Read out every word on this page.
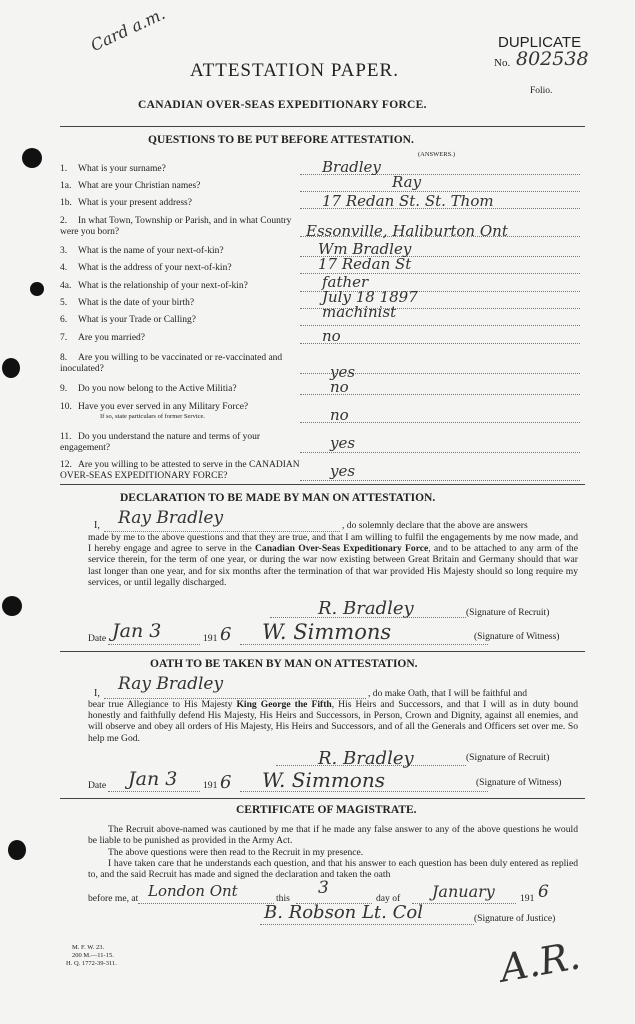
Card a.m.	DUPLICATE
No. 802538
Folio.
ATTESTATION PAPER.
CANADIAN OVER-SEAS EXPEDITIONARY FORCE.
QUESTIONS TO BE PUT BEFORE ATTESTATION.
(ANSWERS.)
1. What is your surname?	Bradley
1a. What are your Christian names?	Ray
1b. What is your present address?	17 Redan St. St. Thom
2. In what Town, Township or Parish, and in what Country were you born?	Essonville, Haliburton Ont
3. What is the name of your next-of-kin?	Wm Bradley
4. What is the address of your next-of-kin?	17 Redan St
4a. What is the relationship of your next-of-kin?	father
5. What is the date of your birth?	July 18 1897
6. What is your Trade or Calling?	machinist
7. Are you married?	no
8. Are you willing to be vaccinated or re-vaccinated and inoculated?	yes
9. Do you now belong to the Active Militia?	no
10. Have you ever served in any Military Force?
If so, state particulars of former Service.	no
11. Do you understand the nature and terms of your engagement?	yes
12. Are you willing to be attested to serve in the CANADIAN OVER-SEAS EXPEDITIONARY FORCE?	yes
DECLARATION TO BE MADE BY MAN ON ATTESTATION.
I, Ray Bradley	, do solemnly declare that the above are answers
made by me to the above questions and that they are true, and that I am willing to fulfil the engagements by me now made, and I hereby engage and agree to serve in the Canadian Over-Seas Expeditionary Force, and to be attached to any arm of the service therein, for the term of one year, or during the war now existing between Great Britain and Germany should that war last longer than one year, and for six months after the termination of that war provided His Majesty should so long require my services, or until legally discharged.
R. Bradley	(Signature of Recruit)
Date Jan 3	191 6 W. Simmons	(Signature of Witness)
OATH TO BE TAKEN BY MAN ON ATTESTATION.
I, Ray Bradley	, do make Oath, that I will be faithful and
bear true Allegiance to His Majesty King George the Fifth, His Heirs and Successors, and that I will as in duty bound honestly and faithfully defend His Majesty, His Heirs and Successors, in Person, Crown and Dignity, against all enemies, and will observe and obey all orders of His Majesty, His Heirs and Successors, and of all the Generals and Officers set over me. So help me God.
R. Bradley	(Signature of Recruit)
Date Jan 3	191 6 W. Simmons	(Signature of Witness)
CERTIFICATE OF MAGISTRATE.
The Recruit above-named was cautioned by me that if he made any false answer to any of the above questions he would be liable to be punished as provided in the Army Act.
The above questions were then read to the Recruit in my presence.
I have taken care that he understands each question, and that his answer to each question has been duly entered as replied to, and the said Recruit has made and signed the declaration and taken the oath
before me, at London Ont	this
3
day of January	191 6
B. Robson Lt. Col	(Signature of Justice)
M. F. W. 23.
200 M.—11-15.
H. Q. 1772-39-311.	A.R.
